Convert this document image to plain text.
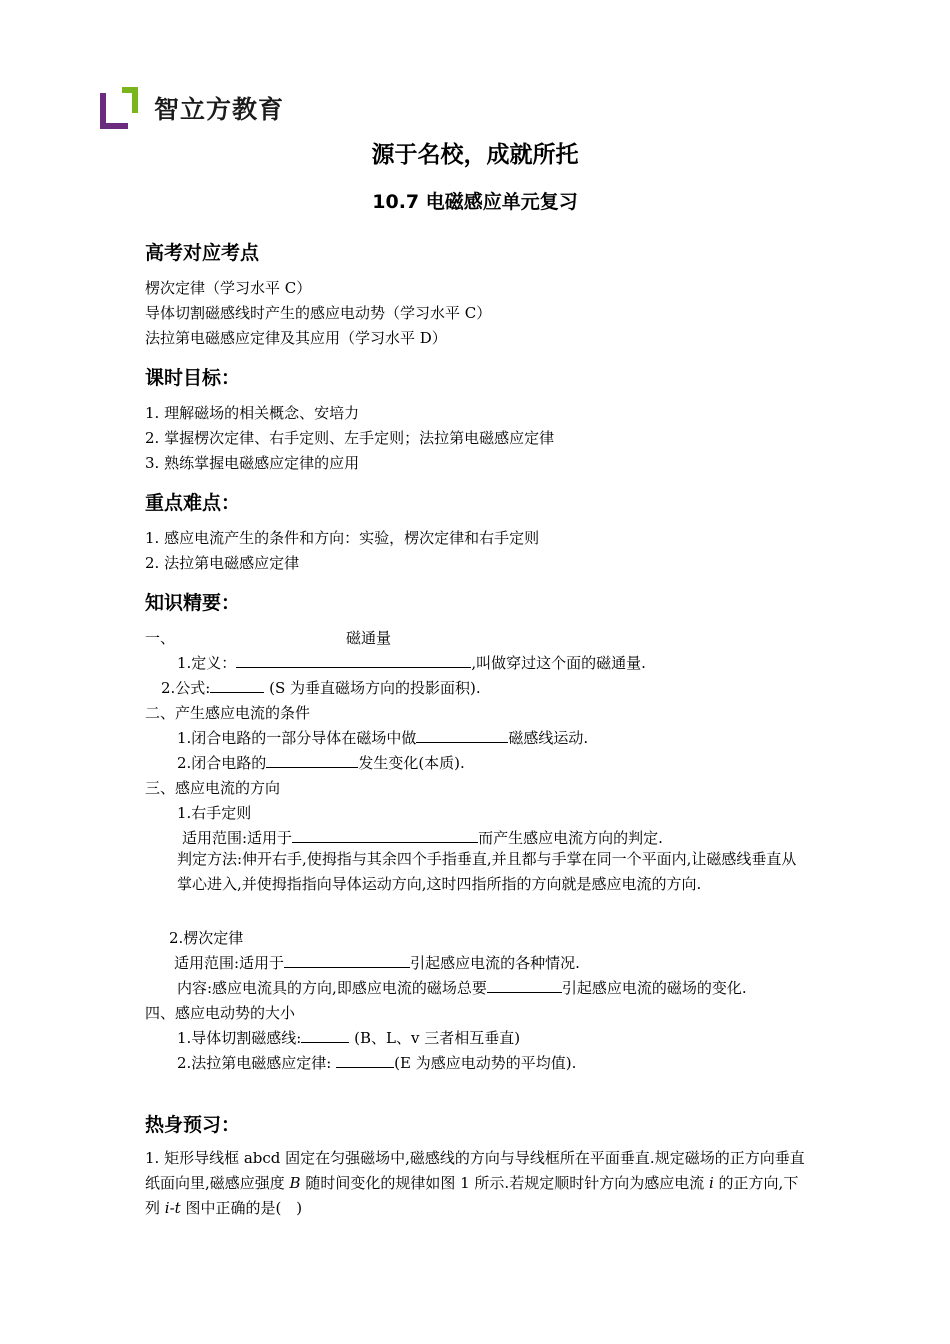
智立方教育
源于名校，成就所托
10.7 电磁感应单元复习
高考对应考点
楞次定律（学习水平 C）
导体切割磁感线时产生的感应电动势（学习水平 C）
法拉第电磁感应定律及其应用（学习水平 D）
课时目标：
1. 理解磁场的相关概念、安培力
2. 掌握楞次定律、右手定则、左手定则；法拉第电磁感应定律
3. 熟练掌握电磁感应定律的应用
重点难点：
1. 感应电流产生的条件和方向：实验，楞次定律和右手定则
2. 法拉第电磁感应定律
知识精要：
一、	磁通量
1.定义：	,叫做穿过这个面的磁通量.
2.公式:	(S 为垂直磁场方向的投影面积).
二、产生感应电流的条件
1.闭合电路的一部分导体在磁场中做	磁感线运动.
2.闭合电路的	发生变化(本质).
三、感应电流的方向
1.右手定则
适用范围:适用于	而产生感应电流方向的判定.
判定方法:伸开右手,使拇指与其余四个手指垂直,并且都与手掌在同一个平面内,让磁感线垂直从掌心进入,并使拇指指向导体运动方向,这时四指所指的方向就是感应电流的方向.
2.楞次定律
适用范围:适用于	引起感应电流的各种情况.
内容:感应电流具的方向,即感应电流的磁场总要	引起感应电流的磁场的变化.
四、感应电动势的大小
1.导体切割磁感线:	(B、L、v 三者相互垂直)
2.法拉第电磁感应定律:	(E 为感应电动势的平均值).
热身预习：
1. 矩形导线框 abcd 固定在匀强磁场中,磁感线的方向与导线框所在平面垂直.规定磁场的正方向垂直纸面向里,磁感应强度 B 随时间变化的规律如图 1 所示.若规定顺时针方向为感应电流 i 的正方向,下列 i-t 图中正确的是(　)
